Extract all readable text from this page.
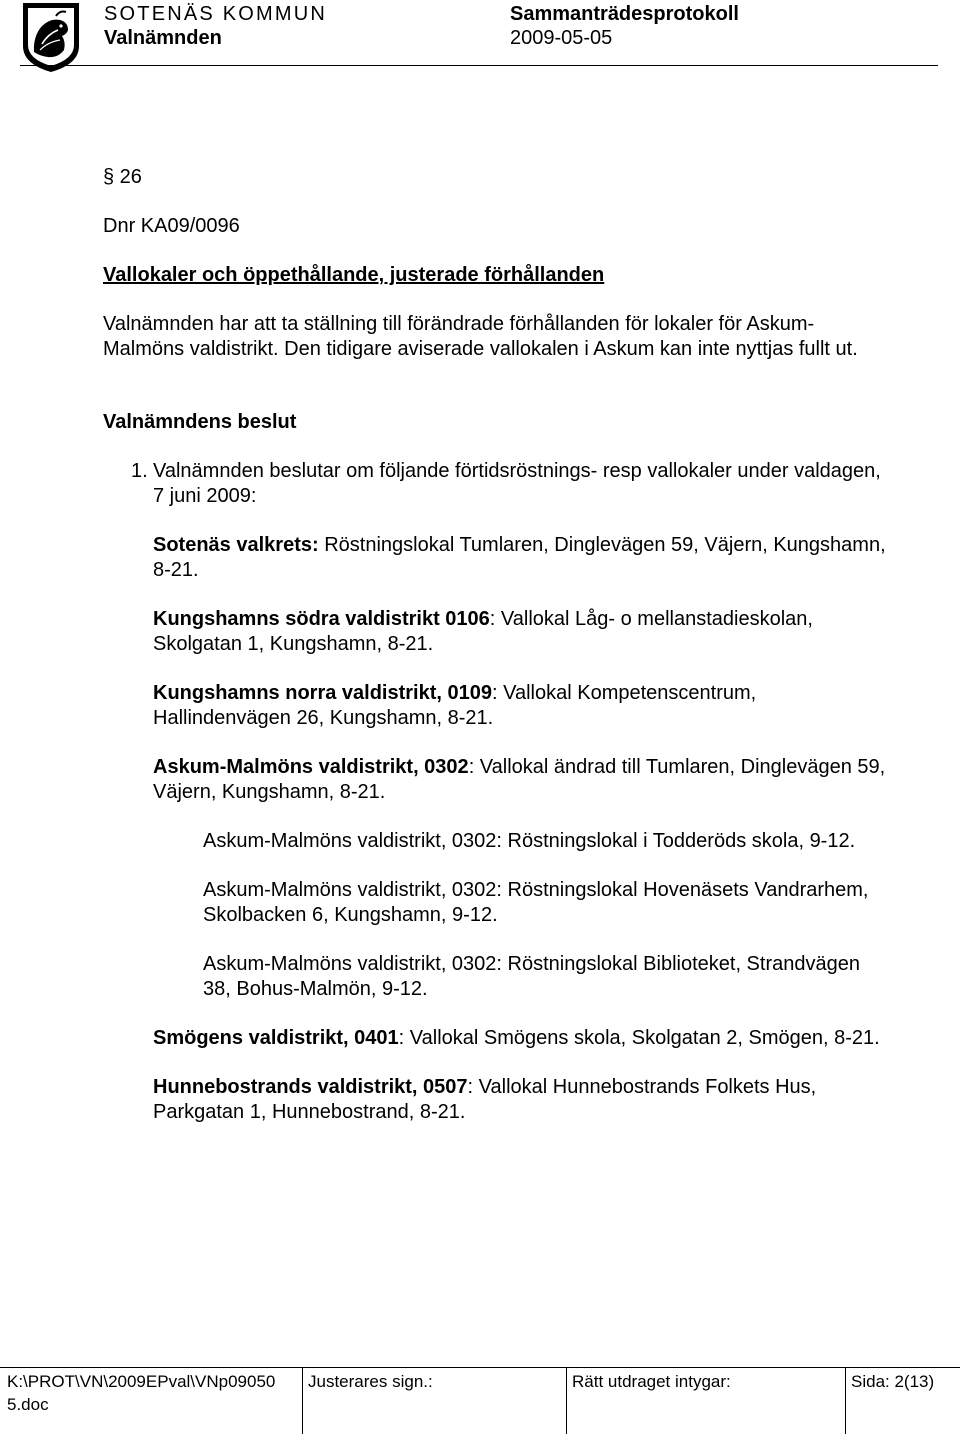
SOTENÄS KOMMUN
Valnämnden
Sammanträdesprotokoll
2009-05-05

§ 26

Dnr KA09/0096

Vallokaler och öppethållande, justerade förhållanden

Valnämnden har att ta ställning till förändrade förhållanden för lokaler för Askum-Malmöns valdistrikt. Den tidigare aviserade vallokalen i Askum kan inte nyttjas fullt ut.

Valnämndens beslut

1. Valnämnden beslutar om följande förtidsröstnings- resp vallokaler under valdagen, 7 juni 2009:

Sotenäs valkrets: Röstningslokal Tumlaren, Dinglevägen 59, Väjern, Kungshamn, 8-21.

Kungshamns södra valdistrikt 0106: Vallokal Låg- o mellanstadieskolan, Skolgatan 1, Kungshamn, 8-21.

Kungshamns norra valdistrikt, 0109: Vallokal Kompetenscentrum, Hallindenvägen 26, Kungshamn, 8-21.

Askum-Malmöns valdistrikt, 0302: Vallokal ändrad till Tumlaren, Dinglevägen 59, Väjern, Kungshamn, 8-21.

Askum-Malmöns valdistrikt, 0302: Röstningslokal i Todderöds skola, 9-12.

Askum-Malmöns valdistrikt, 0302: Röstningslokal Hovenäsets Vandrarhem, Skolbacken 6, Kungshamn, 9-12.

Askum-Malmöns valdistrikt, 0302: Röstningslokal Biblioteket, Strandvägen 38, Bohus-Malmön, 9-12.

Smögens valdistrikt, 0401: Vallokal Smögens skola, Skolgatan 2, Smögen, 8-21.

Hunnebostrands valdistrikt, 0507: Vallokal Hunnebostrands Folkets Hus, Parkgatan 1, Hunnebostrand, 8-21.

K:\PROT\VN\2009EPval\VNp09050 5.doc
Justerares sign.:	Rätt utdraget intygar:	Sida: 2(13)
